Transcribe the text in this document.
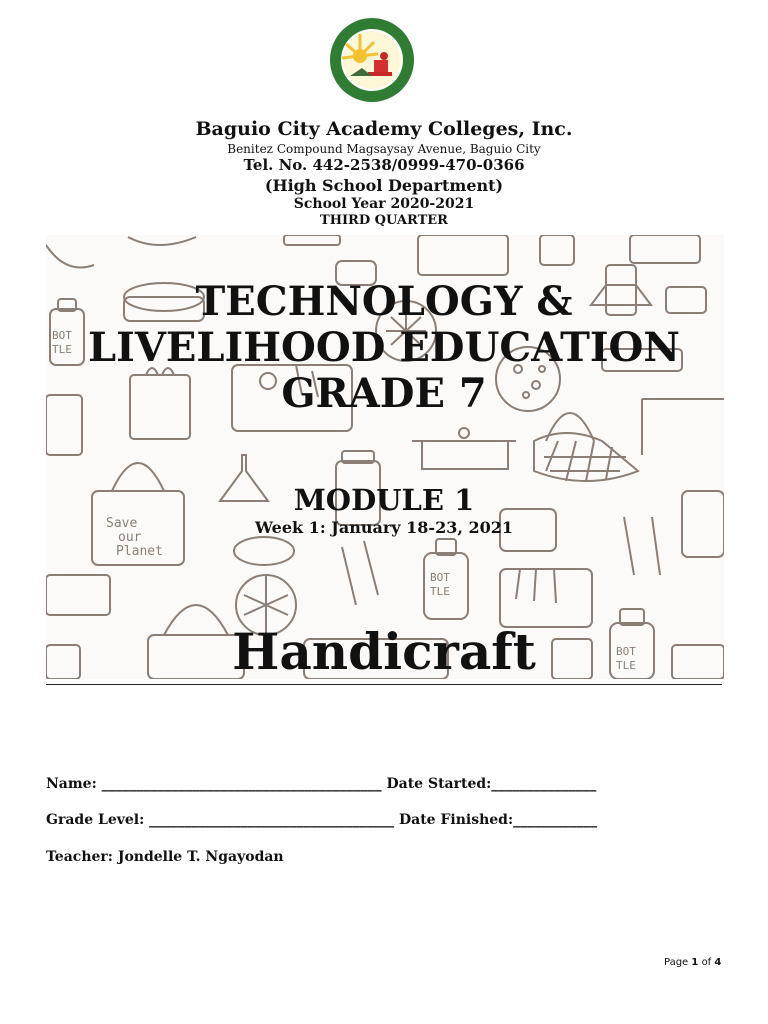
Baguio City Academy Colleges, Inc.
Benitez Compound Magsaysay Avenue, Baguio City
Tel. No. 442-2538/0999-470-0366
(High School Department)
School Year 2020-2021
THIRD QUARTER
BOT
TLE
Save
our
Planet
BOT
TLE
BOT
TLE
TECHNOLOGY &
LIVELIHOOD EDUCATION
GRADE 7
MODULE 1
Week 1: January 18-23, 2021
Handicraft
Name: ________________________________________ Date Started:_______________
Grade Level: ___________________________________ Date Finished:____________
Teacher: Jondelle T. Ngayodan
Page 1 of 4
